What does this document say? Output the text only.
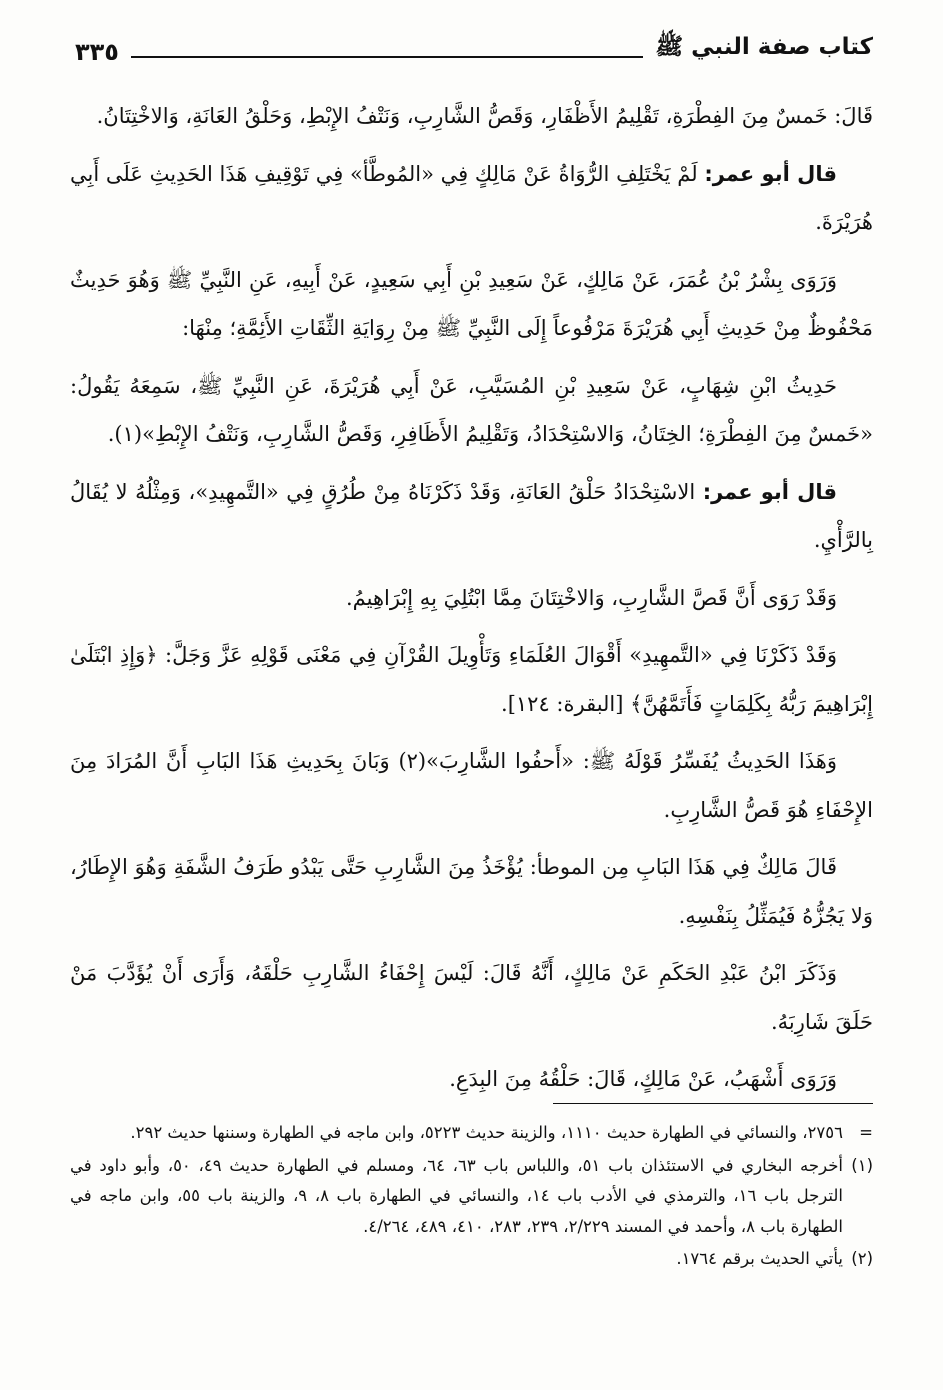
كتاب صفة النبي ﷺ
٣٣٥

قَالَ: خَمسٌ مِنَ الفِطْرَةِ، تَقْلِيمُ الأَظْفَارِ، وَقَصُّ الشَّارِبِ، وَنَتْفُ الإِبْطِ، وَحَلْقُ العَانَةِ، وَالاخْتِتَانُ.

قال أبو عمر: لَمْ يَخْتَلِفِ الرُّوَاةُ عَنْ مَالِكٍ فِي «المُوطَّأ» فِي تَوْقِيفِ هَذَا الحَدِيثِ عَلَى أَبِي هُرَيْرَةَ.

وَرَوَى بِشْرُ بْنُ عُمَرَ، عَنْ مَالِكٍ، عَنْ سَعِيدِ بْنِ أَبِي سَعِيدٍ، عَنْ أَبِيهِ، عَنِ النَّبِيِّ ﷺ وَهُوَ حَدِيثٌ مَحْفُوظٌ مِنْ حَدِيثِ أَبِي هُرَيْرَةَ مَرْفُوعاً إِلَى النَّبِيِّ ﷺ مِنْ رِوَايَةِ الثِّقَاتِ الأَئِمَّةِ؛ مِنْهَا:

حَدِيثُ ابْنِ شِهَابٍ، عَنْ سَعِيدِ بْنِ المُسَيَّبِ، عَنْ أَبِي هُرَيْرَةَ، عَنِ النَّبِيِّ ﷺ، سَمِعَهُ يَقُولُ: «خَمسٌ مِنَ الفِطْرَةِ؛ الخِتَانُ، وَالاسْتِحْدَادُ، وَتَقْلِيمُ الأَظَافِرِ، وَقَصُّ الشَّارِبِ، وَنَتْفُ الإِبْطِ»(١).

قال أبو عمر: الاسْتِحْدَادُ حَلْقُ العَانَةِ، وَقَدْ ذَكَرْنَاهُ مِنْ طُرُقٍ فِي «التَّمهِيدِ»، وَمِثْلُهُ لا يُقَالُ بِالرَّأْيِ.

وَقَدْ رَوَى أَنَّ قَصَّ الشَّارِبِ، وَالاخْتِتَانَ مِمَّا ابْتُلِيَ بِهِ إِبْرَاهِيمُ.

وَقَدْ ذَكَرْنَا فِي «التَّمهِيدِ» أَقْوَالَ العُلَمَاءِ وَتَأْوِيلَ القُرْآنِ فِي مَعْنَى قَوْلِهِ عَزَّ وَجَلَّ: ﴿وَإِذِ ابْتَلَىٰ إِبْرَاهِيمَ رَبُّهُ بِكَلِمَاتٍ فَأَتَمَّهُنَّ﴾ [البقرة: ١٢٤].

وَهَذَا الحَدِيثُ يُفَسِّرُ قَوْلَهُ ﷺ: «أَحفُوا الشَّارِبَ»(٢) وَبَانَ بِحَدِيثِ هَذَا البَابِ أَنَّ المُرَادَ مِنَ الإِحْفَاءِ هُوَ قَصُّ الشَّارِبِ.

قَالَ مَالِكٌ فِي هَذَا البَابِ مِن الموطأ: يُؤْخَذُ مِنَ الشَّارِبِ حَتَّى يَبْدُو طَرَفُ الشَّفَةِ وَهُوَ الإِطَارُ، وَلا يَجُزُّهُ فَيُمَثِّلُ بِنَفْسِهِ.

وَذَكَرَ ابْنُ عَبْدِ الحَكَمِ عَنْ مَالِكٍ، أَنَّهُ قَالَ: لَيْسَ إِحْفَاءُ الشَّارِبِ حَلْقَهُ، وَأَرَى أَنْ يُؤَدَّبَ مَنْ حَلَقَ شَارِبَهُ.

وَرَوَى أَشْهَبُ، عَنْ مَالِكٍ، قَالَ: حَلْقُهُ مِنَ البِدَعِ.

=٢٧٥٦، والنسائي في الطهارة حديث ١١١٠، والزينة حديث ٥٢٢٣، وابن ماجه في الطهارة وسننها حديث ٢٩٢.

(١)أخرجه البخاري في الاستئذان باب ٥١، واللباس باب ٦٣، ٦٤، ومسلم في الطهارة حديث ٤٩، ٥٠، وأبو داود في الترجل باب ١٦، والترمذي في الأدب باب ١٤، والنسائي في الطهارة باب ٨، ٩، والزينة باب ٥٥، وابن ماجه في الطهارة باب ٨، وأحمد في المسند ٢/٢٢٩، ٢٣٩، ٢٨٣، ٤١٠، ٤٨٩، ٤/٢٦٤.

(٢)يأتي الحديث برقم ١٧٦٤.
